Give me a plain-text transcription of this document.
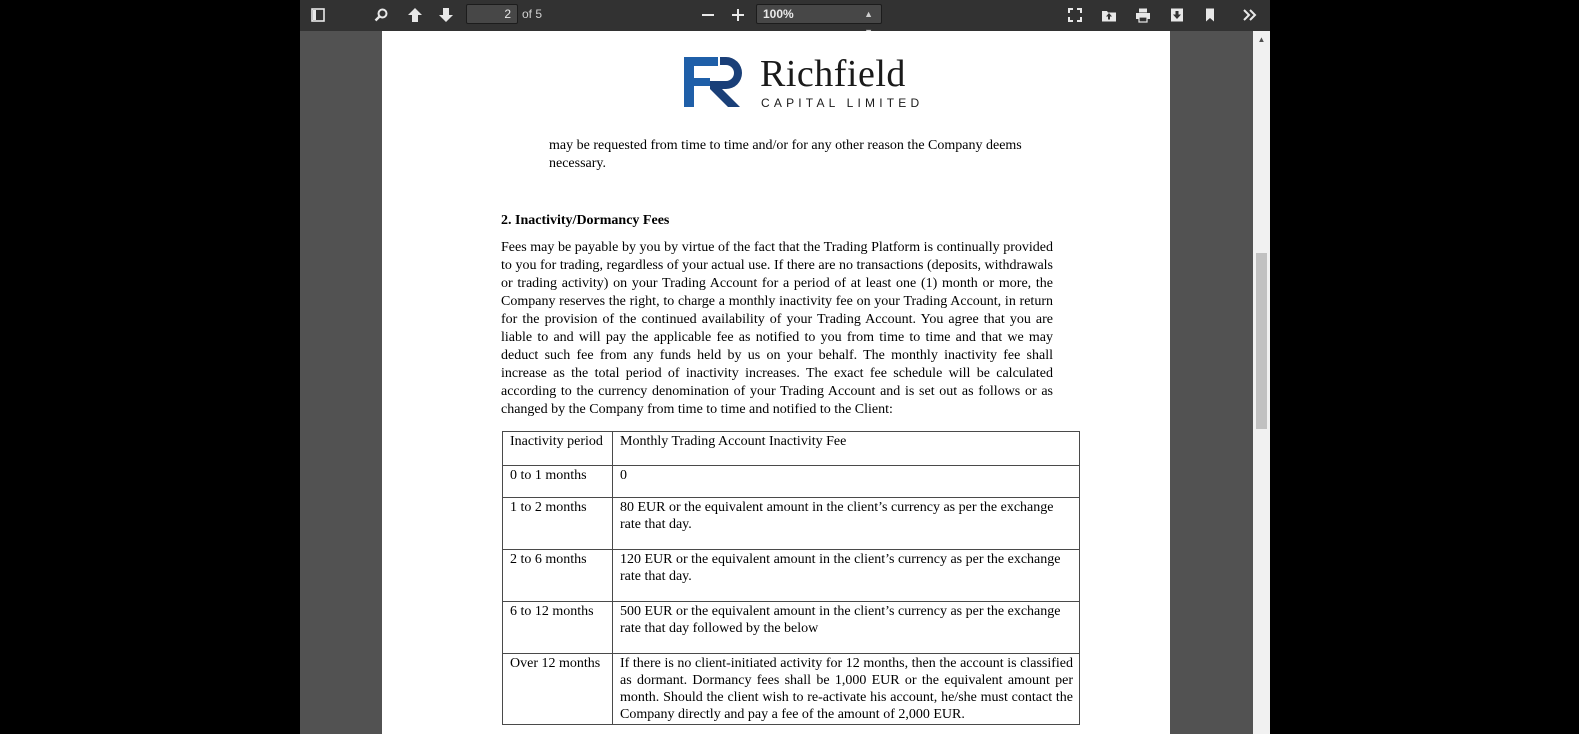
2
of 5	100%	▲

Richfield
CAPITAL LIMITED

may be requested from time to time and/or for any other reason the Company deems necessary.

2. Inactivity/Dormancy Fees

Fees may be payable by you by virtue of the fact that the Trading Platform is continually provided to you for trading, regardless of your actual use. If there are no transactions (deposits, withdrawals or trading activity) on your Trading Account for a period of at least one (1) month or more, the Company reserves the right, to charge a monthly inactivity fee on your Trading Account, in return for the provision of the continued availability of your Trading Account. You agree that you are liable to and will pay the applicable fee as notified to you from time to time and that we may deduct such fee from any funds held by us on your behalf. The monthly inactivity fee shall increase as the total period of inactivity increases. The exact fee schedule will be calculated according to the currency denomination of your Trading Account and is set out as follows or as changed by the Company from time to time and notified to the Client:

Inactivity period	Monthly Trading Account Inactivity Fee
0 to 1 months	0
1 to 2 months	80 EUR or the equivalent amount in the client’s currency as per the exchange rate that day.
2 to 6 months	120 EUR or the equivalent amount in the client’s currency as per the exchange rate that day.
6 to 12 months	500 EUR or the equivalent amount in the client’s currency as per the exchange rate that day followed by the below
Over 12 months	If there is no client-initiated activity for 12 months, then the account is classified as dormant. Dormancy fees shall be 1,000 EUR or the equivalent amount per month. Should the client wish to re-activate his account, he/she must contact the Company directly and pay a fee of the amount of 2,000 EUR.
▲
